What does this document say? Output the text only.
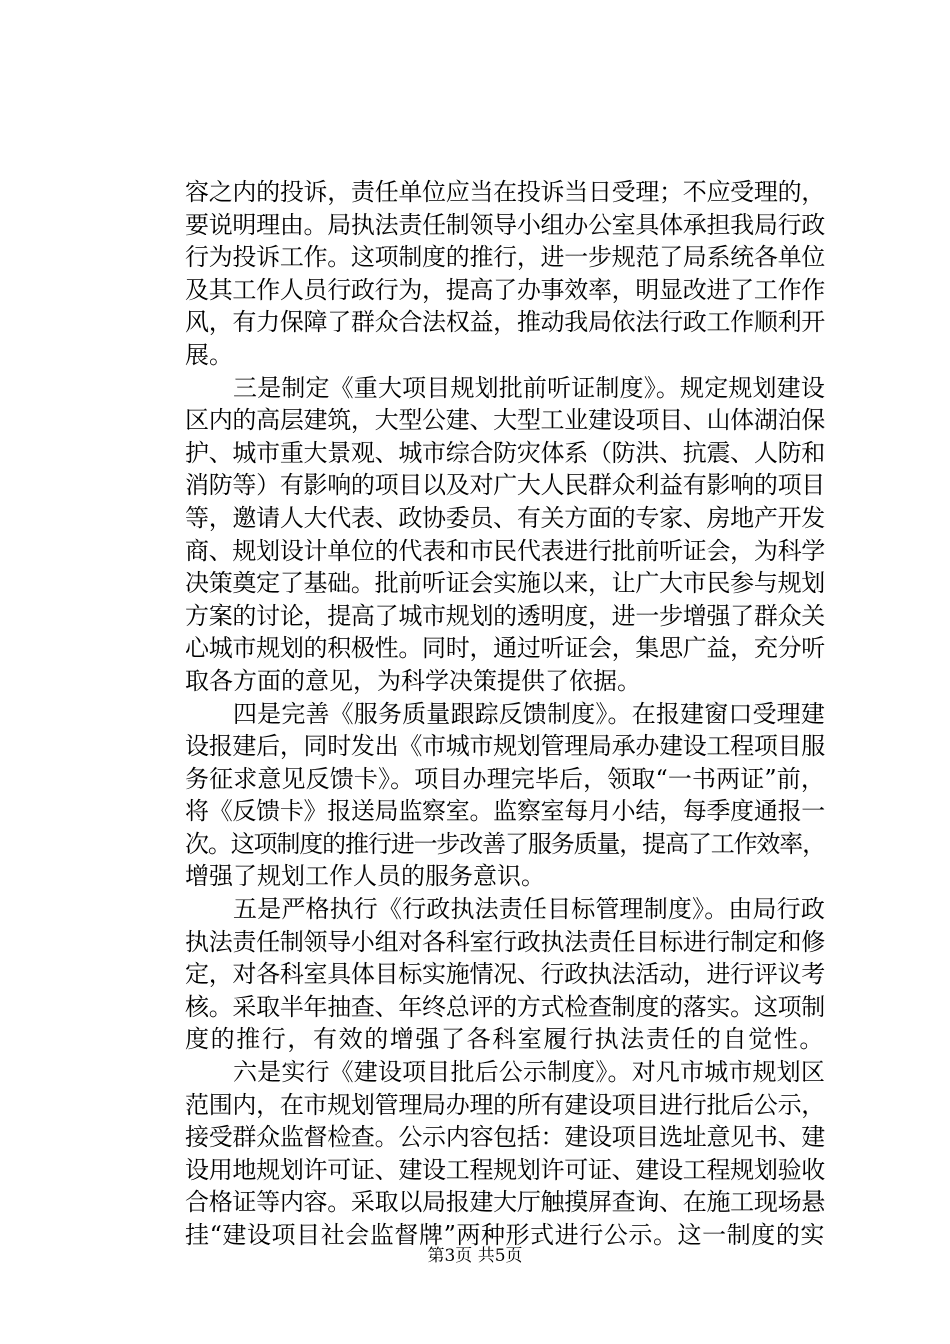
容之内的投诉，责任单位应当在投诉当日受理；不应受理的，
要说明理由。局执法责任制领导小组办公室具体承担我局行政
行为投诉工作。这项制度的推行，进一步规范了局系统各单位
及其工作人员行政行为，提高了办事效率，明显改进了工作作
风，有力保障了群众合法权益，推动我局依法行政工作顺利开
展。
三是制定《重大项目规划批前听证制度》。规定规划建设
区内的高层建筑，大型公建、大型工业建设项目、山体湖泊保
护、城市重大景观、城市综合防灾体系（防洪、抗震、人防和
消防等）有影响的项目以及对广大人民群众利益有影响的项目
等，邀请人大代表、政协委员、有关方面的专家、房地产开发
商、规划设计单位的代表和市民代表进行批前听证会，为科学
决策奠定了基础。批前听证会实施以来，让广大市民参与规划
方案的讨论，提高了城市规划的透明度，进一步增强了群众关
心城市规划的积极性。同时，通过听证会，集思广益，充分听
取各方面的意见，为科学决策提供了依据。
四是完善《服务质量跟踪反馈制度》。在报建窗口受理建
设报建后，同时发出《市城市规划管理局承办建设工程项目服
务征求意见反馈卡》。项目办理完毕后，领取“一书两证”前，
将《反馈卡》报送局监察室。监察室每月小结，每季度通报一
次。这项制度的推行进一步改善了服务质量，提高了工作效率，
增强了规划工作人员的服务意识。
五是严格执行《行政执法责任目标管理制度》。由局行政
执法责任制领导小组对各科室行政执法责任目标进行制定和修
定，对各科室具体目标实施情况、行政执法活动，进行评议考
核。采取半年抽查、年终总评的方式检查制度的落实。这项制
度的推行，有效的增强了各科室履行执法责任的自觉性。
六是实行《建设项目批后公示制度》。对凡市城市规划区
范围内，在市规划管理局办理的所有建设项目进行批后公示，
接受群众监督检查。公示内容包括：建设项目选址意见书、建
设用地规划许可证、建设工程规划许可证、建设工程规划验收
合格证等内容。采取以局报建大厅触摸屏查询、在施工现场悬
挂“建设项目社会监督牌”两种形式进行公示。这一制度的实
第3页 共5页
